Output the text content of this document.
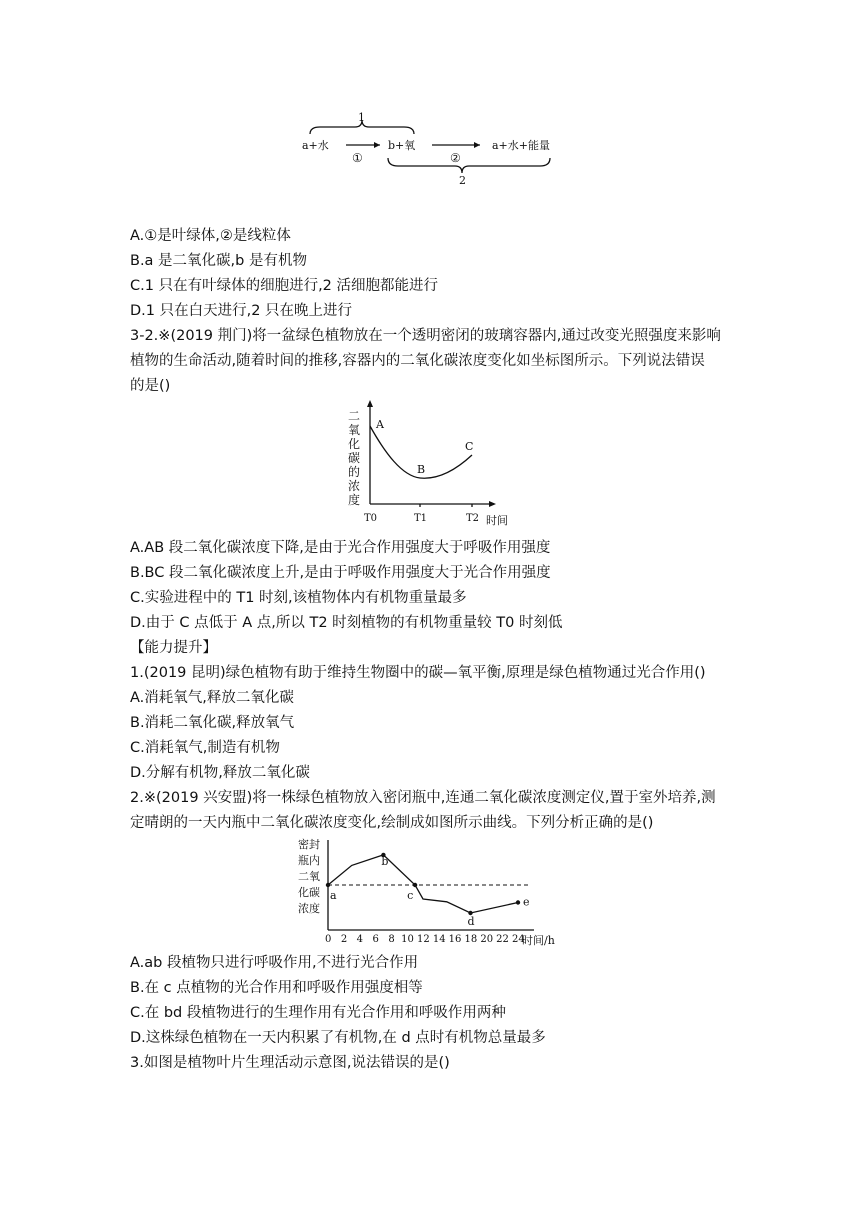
1
a+水
①
b+氧
②
a+水+能量
2
A.①是叶绿体,②是线粒体
B.a 是二氧化碳,b 是有机物
C.1 只在有叶绿体的细胞进行,2 活细胞都能进行
D.1 只在白天进行,2 只在晚上进行
3-2.※(2019 荆门)将一盆绿色植物放在一个透明密闭的玻璃容器内,通过改变光照强度来影响
植物的生命活动,随着时间的推移,容器内的二氧化碳浓度变化如坐标图所示。下列说法错误
的是()
二
氧
化
碳
的
浓
度
A
B
C
T0	T1	T2 时间
A.AB 段二氧化碳浓度下降,是由于光合作用强度大于呼吸作用强度
B.BC 段二氧化碳浓度上升,是由于呼吸作用强度大于光合作用强度
C.实验进程中的 T1 时刻,该植物体内有机物重量最多
D.由于 C 点低于 A 点,所以 T2 时刻植物的有机物重量较 T0 时刻低
【能力提升】
1.(2019 昆明)绿色植物有助于维持生物圈中的碳—氧平衡,原理是绿色植物通过光合作用()
A.消耗氧气,释放二氧化碳
B.消耗二氧化碳,释放氧气
C.消耗氧气,制造有机物
D.分解有机物,释放二氧化碳
2.※(2019 兴安盟)将一株绿色植物放入密闭瓶中,连通二氧化碳浓度测定仪,置于室外培养,测
定晴朗的一天内瓶中二氧化碳浓度变化,绘制成如图所示曲线。下列分析正确的是()
密封
瓶内
二氧
化碳
浓度
a
b
c
d
e
0 2 4 6 8 10 12 14 16 18 20 22 24
时间/h
A.ab 段植物只进行呼吸作用,不进行光合作用
B.在 c 点植物的光合作用和呼吸作用强度相等
C.在 bd 段植物进行的生理作用有光合作用和呼吸作用两种
D.这株绿色植物在一天内积累了有机物,在 d 点时有机物总量最多
3.如图是植物叶片生理活动示意图,说法错误的是()
